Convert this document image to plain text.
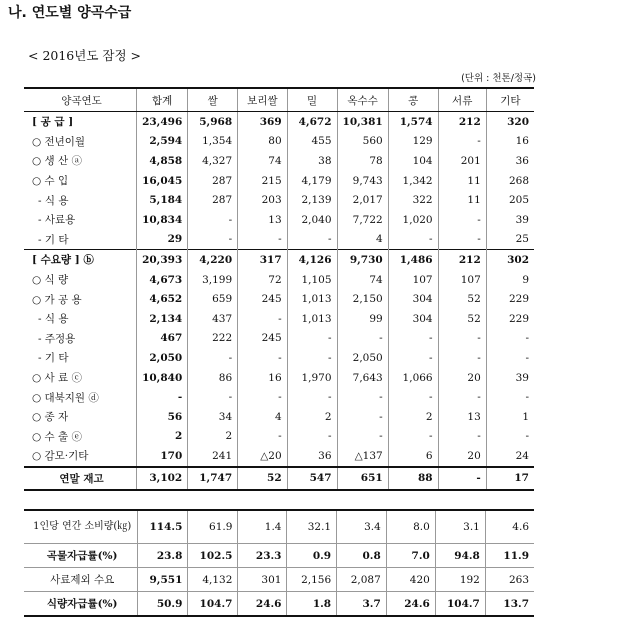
나. 연도별 양곡수급
< 2016년도 잠정 >
(단위 : 천톤/정곡)
양곡연도	합계	쌀	보리쌀	밀	옥수수	콩	서류	기타
[ 공 급 ]	23,496	5,968	369	4,672	10,381	1,574	212	320
○ 전년이월	2,594	1,354	80	455	560	129	-	16
○ 생 산 ⓐ	4,858	4,327	74	38	78	104	201	36
○ 수 입	16,045	287	215	4,179	9,743	1,342	11	268
- 식 용	5,184	287	203	2,139	2,017	322	11	205
- 사료용	10,834	-	13	2,040	7,722	1,020	-	39
- 기 타	29	-	-	-	4	-	-	25
[ 수요량 ] ⓑ	20,393	4,220	317	4,126	9,730	1,486	212	302
○ 식 량	4,673	3,199	72	1,105	74	107	107	9
○ 가 공 용	4,652	659	245	1,013	2,150	304	52	229
- 식 용	2,134	437	-	1,013	99	304	52	229
- 주정용	467	222	245	-	-	-	-	-
- 기 타	2,050	-	-	-	2,050	-	-	-
○ 사 료 ⓒ	10,840	86	16	1,970	7,643	1,066	20	39
○ 대북지원 ⓓ	-	-	-	-	-	-	-	-
○ 종 자	56	34	4	2	-	2	13	1
○ 수 출 ⓔ	2	2	-	-	-	-	-	-
○ 감모·기타	170	241	△20	36	△137	6	20	24
연말 재고	3,102	1,747	52	547	651	88	-	17
1인당 연간 소비량(㎏)	114.5	61.9	1.4	32.1	3.4	8.0	3.1	4.6
곡물자급률(%)	23.8	102.5	23.3	0.9	0.8	7.0	94.8	11.9
사료제외 수요	9,551	4,132	301	2,156	2,087	420	192	263
식량자급률(%)	50.9	104.7	24.6	1.8	3.7	24.6	104.7	13.7
